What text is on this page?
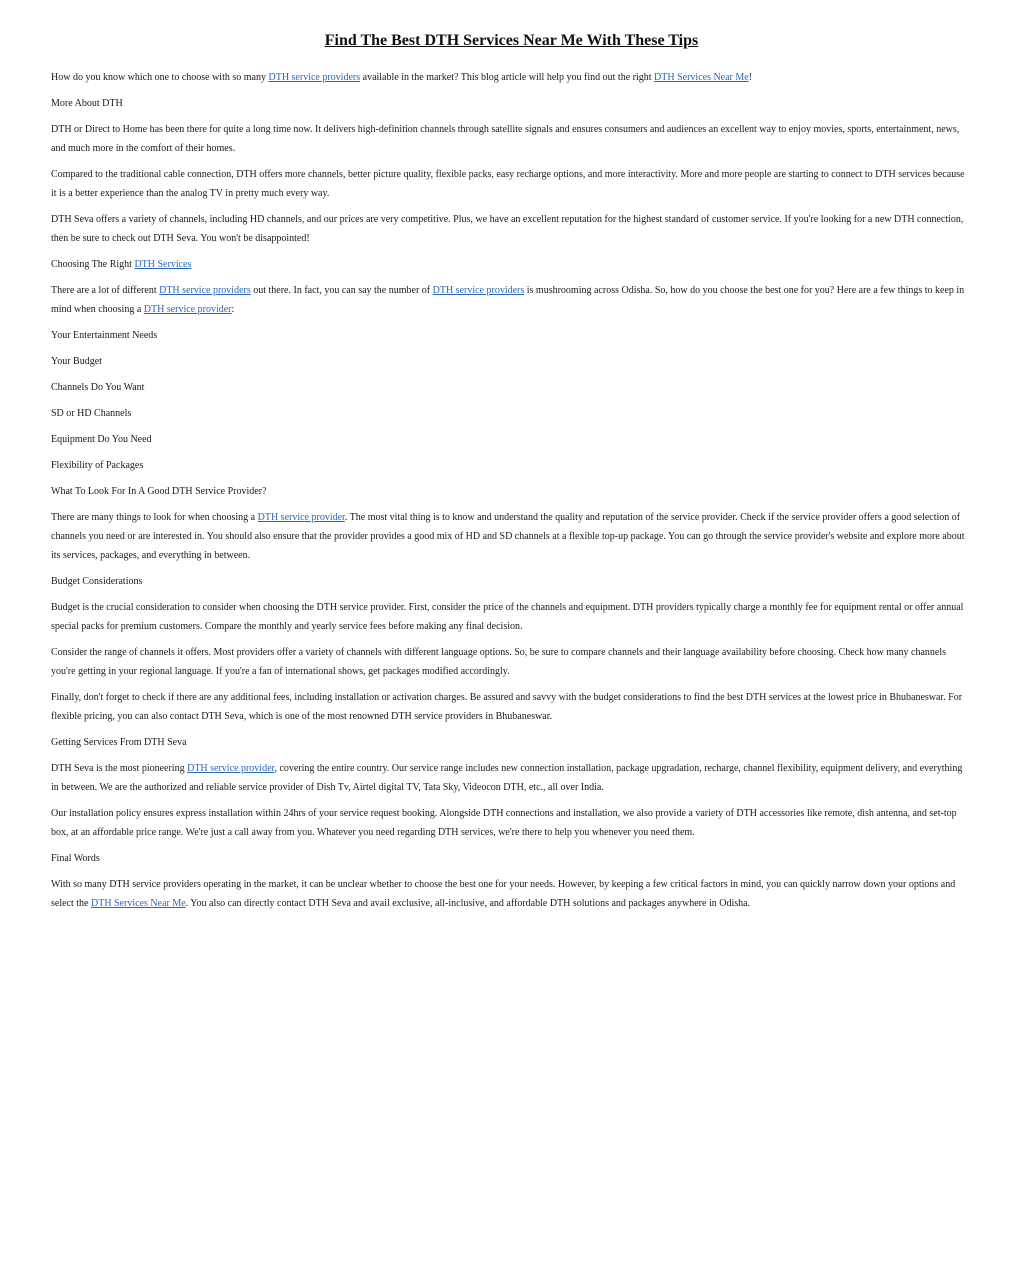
Find The Best DTH Services Near Me With These Tips

How do you know which one to choose with so many DTH service providers available in the market? This blog article will help you find out the right DTH Services Near Me!

More About DTH

DTH or Direct to Home has been there for quite a long time now. It delivers high-definition channels through satellite signals and ensures consumers and audiences an excellent way to enjoy movies, sports, entertainment, news, and much more in the comfort of their homes.

Compared to the traditional cable connection, DTH offers more channels, better picture quality, flexible packs, easy recharge options, and more interactivity. More and more people are starting to connect to DTH services because it is a better experience than the analog TV in pretty much every way.

DTH Seva offers a variety of channels, including HD channels, and our prices are very competitive. Plus, we have an excellent reputation for the highest standard of customer service. If you're looking for a new DTH connection, then be sure to check out DTH Seva. You won't be disappointed!

Choosing The Right DTH Services

There are a lot of different DTH service providers out there. In fact, you can say the number of DTH service providers is mushrooming across Odisha. So, how do you choose the best one for you? Here are a few things to keep in mind when choosing a DTH service provider:

Your Entertainment Needs

Your Budget

Channels Do You Want

SD or HD Channels

Equipment Do You Need

Flexibility of Packages

What To Look For In A Good DTH Service Provider?

There are many things to look for when choosing a DTH service provider. The most vital thing is to know and understand the quality and reputation of the service provider. Check if the service provider offers a good selection of channels you need or are interested in. You should also ensure that the provider provides a good mix of HD and SD channels at a flexible top-up package. You can go through the service provider's website and explore more about its services, packages, and everything in between.

Budget Considerations

Budget is the crucial consideration to consider when choosing the DTH service provider. First, consider the price of the channels and equipment. DTH providers typically charge a monthly fee for equipment rental or offer annual special packs for premium customers. Compare the monthly and yearly service fees before making any final decision.

Consider the range of channels it offers. Most providers offer a variety of channels with different language options. So, be sure to compare channels and their language availability before choosing. Check how many channels you're getting in your regional language. If you're a fan of international shows, get packages modified accordingly.

Finally, don't forget to check if there are any additional fees, including installation or activation charges. Be assured and savvy with the budget considerations to find the best DTH services at the lowest price in Bhubaneswar. For flexible pricing, you can also contact DTH Seva, which is one of the most renowned DTH service providers in Bhubaneswar.

Getting Services From DTH Seva

DTH Seva is the most pioneering DTH service provider, covering the entire country. Our service range includes new connection installation, package upgradation, recharge, channel flexibility, equipment delivery, and everything in between. We are the authorized and reliable service provider of Dish Tv, Airtel digital TV, Tata Sky, Videocon DTH, etc., all over India.

Our installation policy ensures express installation within 24hrs of your service request booking. Alongside DTH connections and installation, we also provide a variety of DTH accessories like remote, dish antenna, and set-top box, at an affordable price range. We're just a call away from you. Whatever you need regarding DTH services, we're there to help you whenever you need them.

Final Words

With so many DTH service providers operating in the market, it can be unclear whether to choose the best one for your needs. However, by keeping a few critical factors in mind, you can quickly narrow down your options and select the DTH Services Near Me. You also can directly contact DTH Seva and avail exclusive, all-inclusive, and affordable DTH solutions and packages anywhere in Odisha.
